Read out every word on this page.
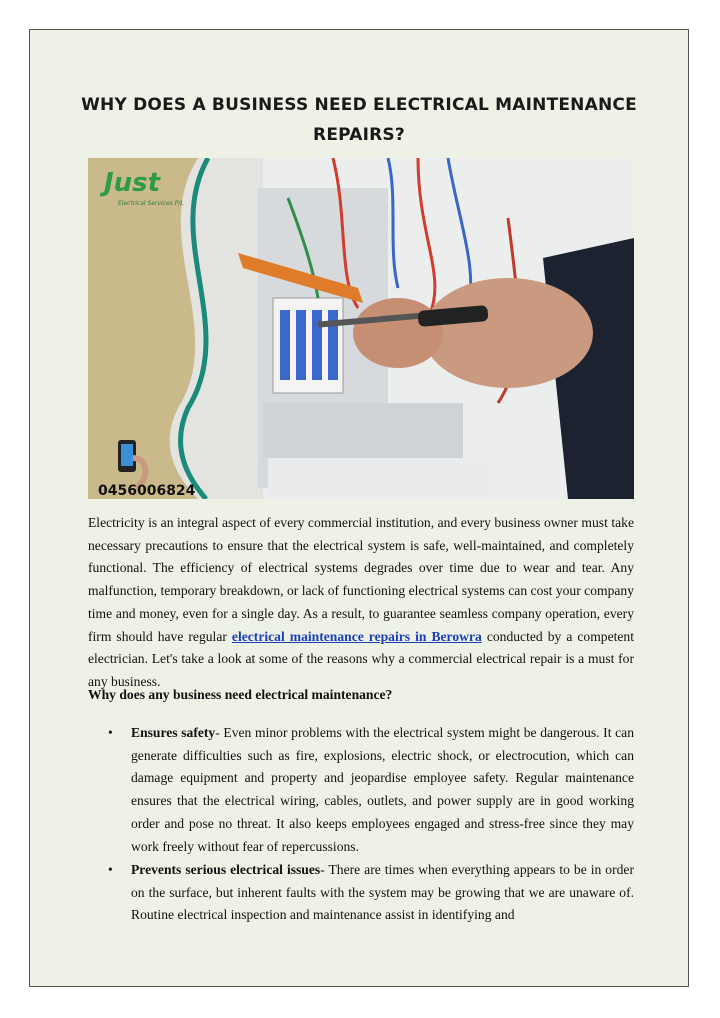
WHY DOES A BUSINESS NEED ELECTRICAL MAINTENANCE
REPAIRS?
Just
Electrical Services P/L
0456006824
Electricity is an integral aspect of every commercial institution, and every business owner must take necessary precautions to ensure that the electrical system is safe, well-maintained, and completely functional. The efficiency of electrical systems degrades over time due to wear and tear. Any malfunction, temporary breakdown, or lack of functioning electrical systems can cost your company time and money, even for a single day. As a result, to guarantee seamless company operation, every firm should have regular electrical maintenance repairs in Berowra conducted by a competent electrician. Let's take a look at some of the reasons why a commercial electrical repair is a must for any business.
Why does any business need electrical maintenance?
• Ensures safety- Even minor problems with the electrical system might be dangerous. It can generate difficulties such as fire, explosions, electric shock, or electrocution, which can damage equipment and property and jeopardise employee safety. Regular maintenance ensures that the electrical wiring, cables, outlets, and power supply are in good working order and pose no threat. It also keeps employees engaged and stress-free since they may work freely without fear of repercussions.
• Prevents serious electrical issues- There are times when everything appears to be in order on the surface, but inherent faults with the system may be growing that we are unaware of. Routine electrical inspection and maintenance assist in identifying and
